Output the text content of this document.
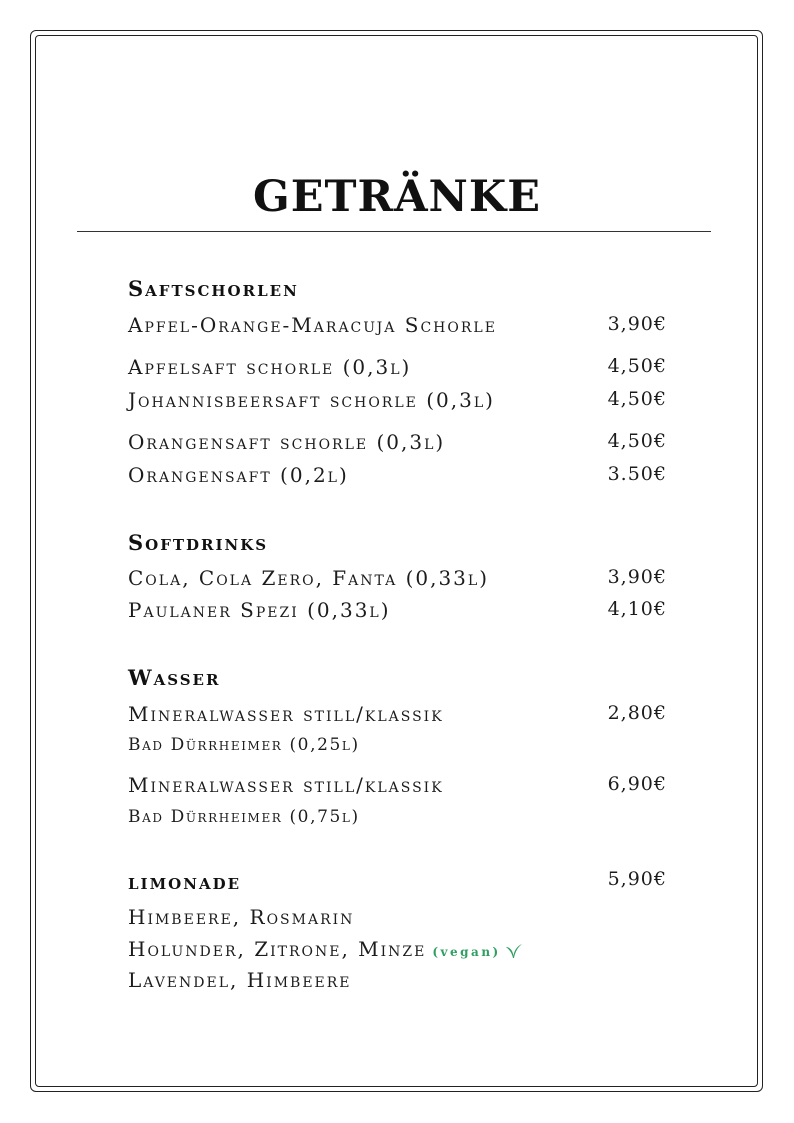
GETRÄNKE
Saftschorlen
Apfel-Orange-Maracuja Schorle	3,90€
Apfelsaft schorle (0,3l)	4,50€
Johannisbeersaft schorle (0,3l)	4,50€
Orangensaft schorle (0,3l)	4,50€
Orangensaft (0,2l)	3.50€
Softdrinks
Cola, Cola Zero, Fanta (0,33l)	3,90€
Paulaner Spezi (0,33l)	4,10€
Wasser
Mineralwasser still/klassik	2,80€
Bad Dürrheimer (0,25l)
Mineralwasser still/klassik	6,90€
Bad Dürrheimer (0,75l)
limonade	5,90€
Himbeere, Rosmarin
Holunder, Zitrone, Minze (vegan)
Lavendel, Himbeere
